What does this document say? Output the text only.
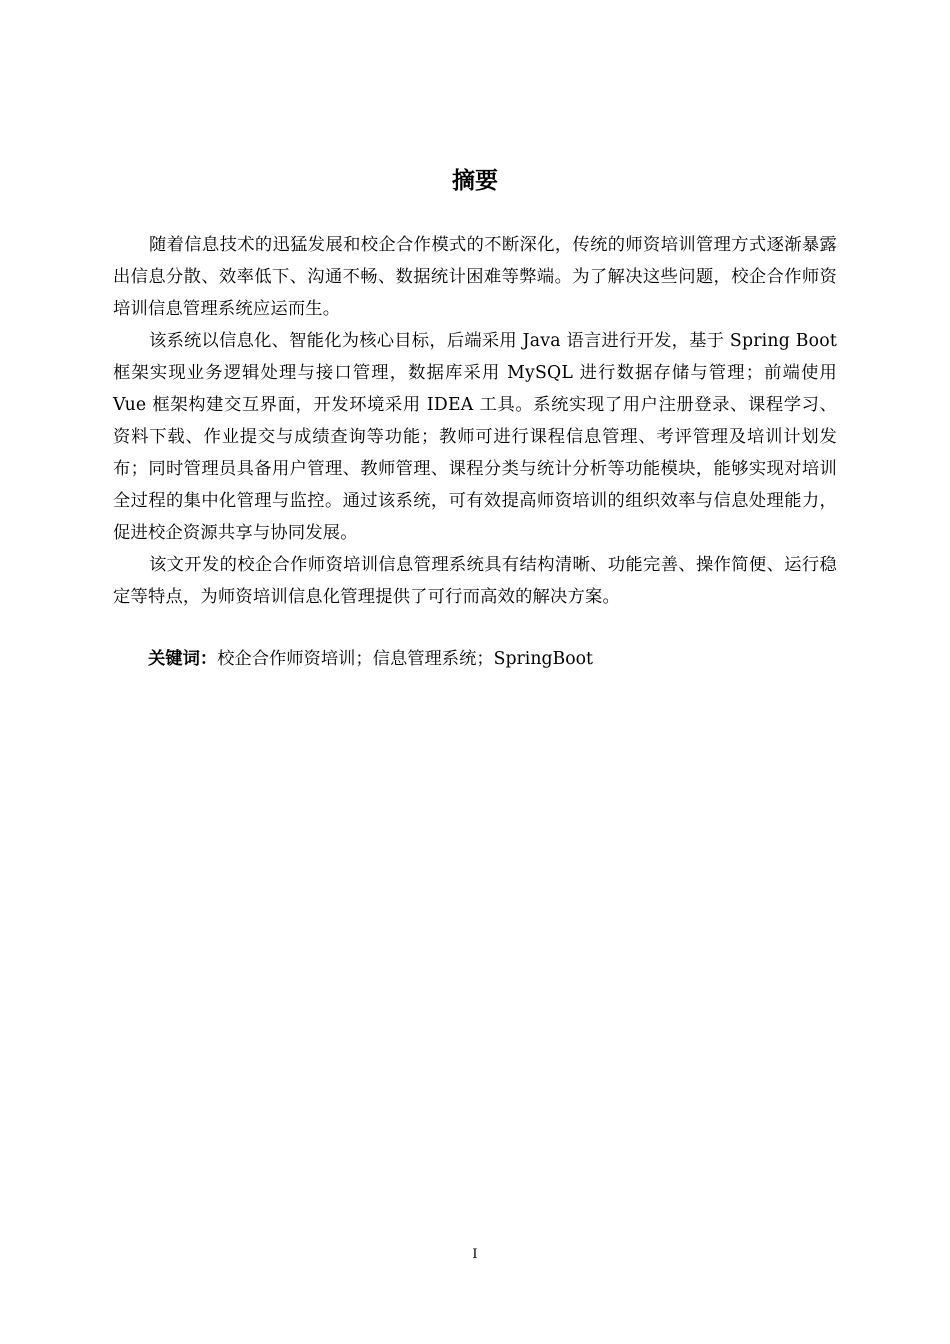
摘要

随着信息技术的迅猛发展和校企合作模式的不断深化，传统的师资培训管理方式逐渐暴露出信息分散、效率低下、沟通不畅、数据统计困难等弊端。为了解决这些问题，校企合作师资培训信息管理系统应运而生。

该系统以信息化、智能化为核心目标，后端采用 Java 语言进行开发，基于 Spring Boot 框架实现业务逻辑处理与接口管理，数据库采用 MySQL 进行数据存储与管理；前端使用 Vue 框架构建交互界面，开发环境采用 IDEA 工具。系统实现了用户注册登录、课程学习、资料下载、作业提交与成绩查询等功能；教师可进行课程信息管理、考评管理及培训计划发布；同时管理员具备用户管理、教师管理、课程分类与统计分析等功能模块，能够实现对培训全过程的集中化管理与监控。通过该系统，可有效提高师资培训的组织效率与信息处理能力，促进校企资源共享与协同发展。

该文开发的校企合作师资培训信息管理系统具有结构清晰、功能完善、操作简便、运行稳定等特点，为师资培训信息化管理提供了可行而高效的解决方案。

关键词：校企合作师资培训；信息管理系统；SpringBoot
I
